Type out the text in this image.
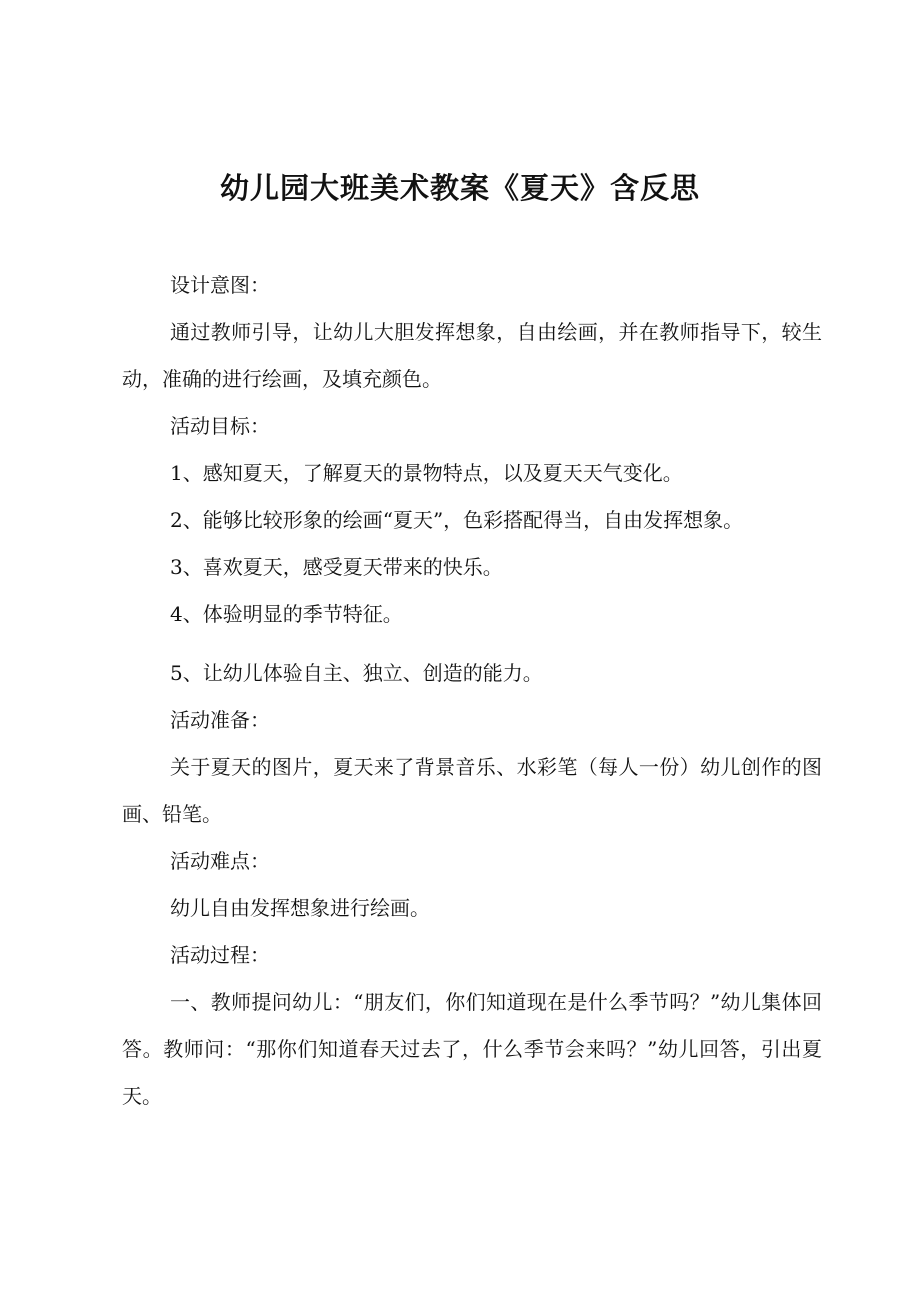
幼儿园大班美术教案《夏天》含反思

设计意图：

通过教师引导，让幼儿大胆发挥想象，自由绘画，并在教师指导下，较生动，准确的进行绘画，及填充颜色。

活动目标：

1、感知夏天，了解夏天的景物特点，以及夏天天气变化。

2、能够比较形象的绘画“夏天”，色彩搭配得当，自由发挥想象。

3、喜欢夏天，感受夏天带来的快乐。

4、体验明显的季节特征。

5、让幼儿体验自主、独立、创造的能力。

活动准备：

关于夏天的图片，夏天来了背景音乐、水彩笔（每人一份）幼儿创作的图画、铅笔。

活动难点：

幼儿自由发挥想象进行绘画。

活动过程：

一、教师提问幼儿：“朋友们，你们知道现在是什么季节吗？”幼儿集体回答。教师问：“那你们知道春天过去了，什么季节会来吗？”幼儿回答，引出夏天。
